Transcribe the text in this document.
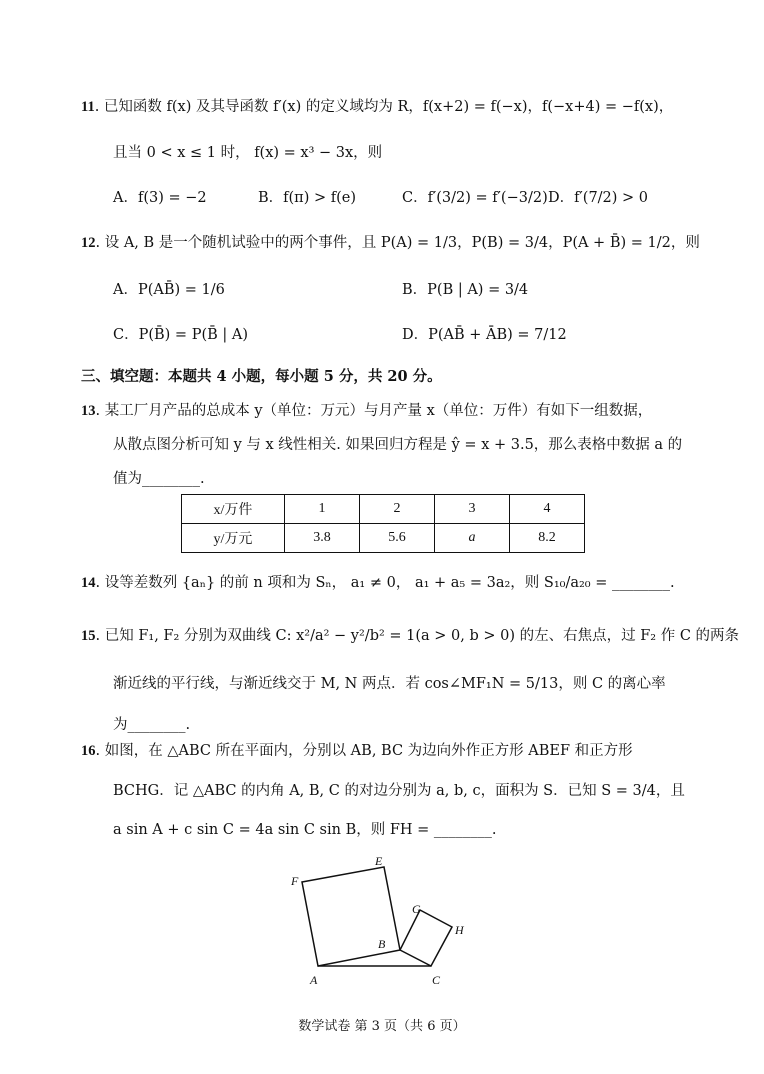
11. 已知函数 f(x) 及其导函数 f′(x) 的定义域均为 R，f(x+2) = f(−x)，f(−x+4) = −f(x)，
且当 0 < x ≤ 1 时， f(x) = x³ − 3x，则
A．f(3) = −2	B．f(π) > f(e)	C．f′(3/2) = f′(−3/2) D．f′(7/2) > 0
12. 设 A, B 是一个随机试验中的两个事件，且 P(A) = 1/3，P(B) = 3/4，P(A + B̄) = 1/2，则
A．P(AB̄) = 1/6	B．P(B | A) = 3/4
C．P(B̄) = P(B̄ | A)	D．P(AB̄ + ĀB) = 7/12
三、填空题：本题共 4 小题，每小题 5 分，共 20 分。
13. 某工厂月产品的总成本 y（单位：万元）与月产量 x（单位：万件）有如下一组数据，
从散点图分析可知 y 与 x 线性相关. 如果回归方程是 ŷ = x + 3.5，那么表格中数据 a 的
值为________.
x/万件	1	2	3	4
y/万元	3.8	5.6	a	8.2
14. 设等差数列 {aₙ} 的前 n 项和为 Sₙ， a₁ ≠ 0， a₁ + a₅ = 3a₂，则 S₁₀/a₂₀ = ________.
15. 已知 F₁, F₂ 分别为双曲线 C: x²/a² − y²/b² = 1(a > 0, b > 0) 的左、右焦点，过 F₂ 作 C 的两条
渐近线的平行线，与渐近线交于 M, N 两点．若 cos∠MF₁N = 5/13，则 C 的离心率
为________.
16. 如图，在 △ABC 所在平面内，分别以 AB, BC 为边向外作正方形 ABEF 和正方形
BCHG．记 △ABC 的内角 A, B, C 的对边分别为 a, b, c，面积为 S．已知 S = 3/4，且
a sin A + c sin C = 4a sin C sin B，则 FH = ________.
F
E
G
H
B
A	C
数学试卷 第 3 页（共 6 页）
